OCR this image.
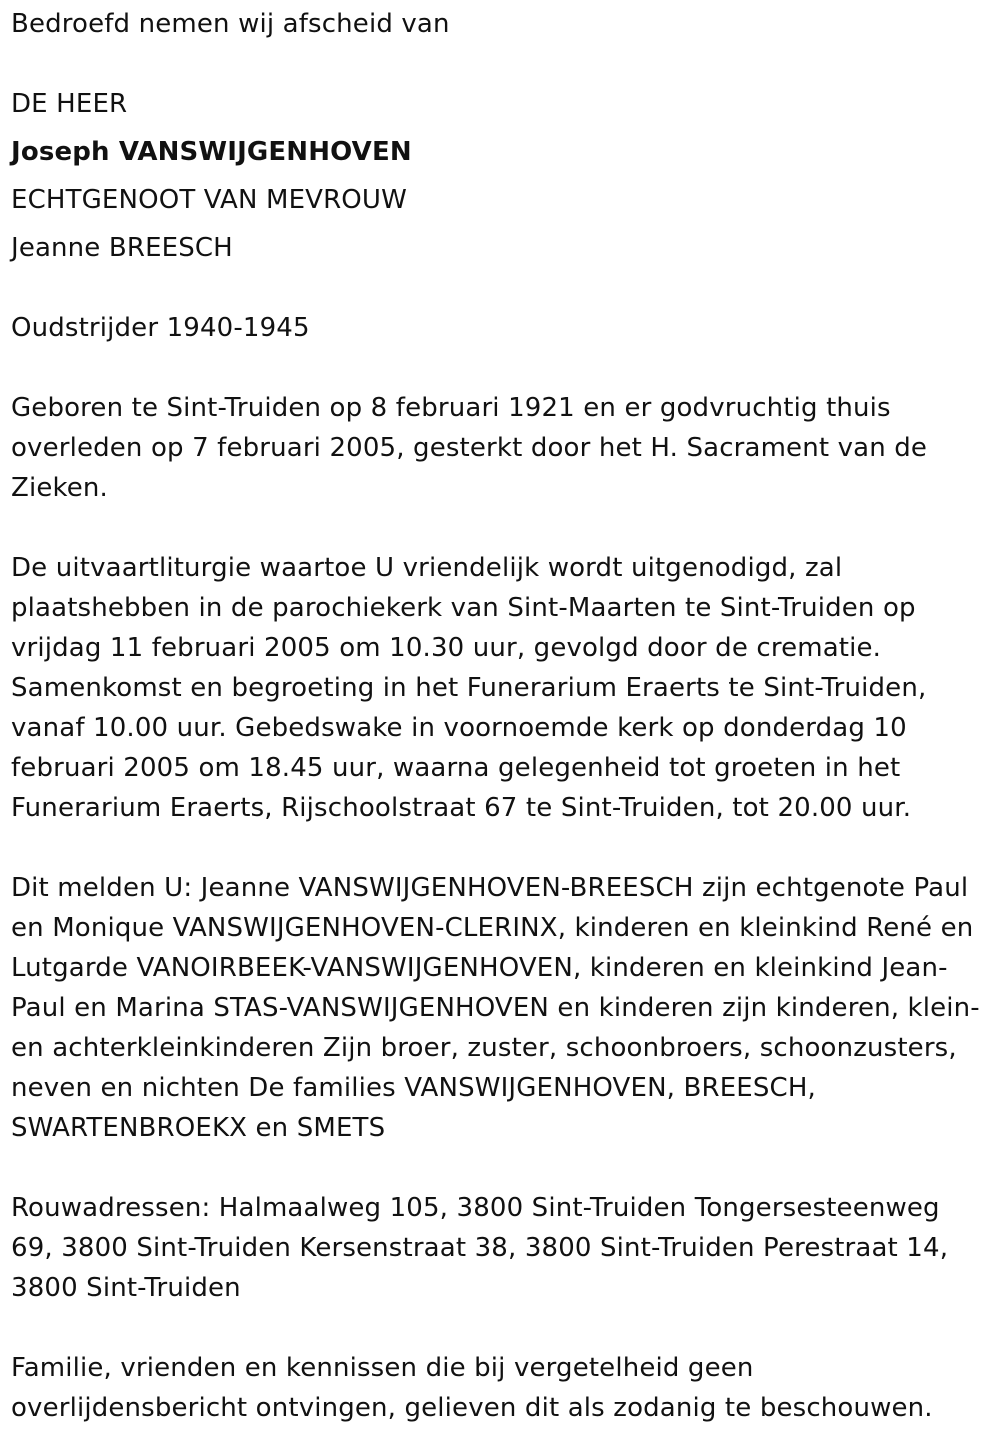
Bedroefd nemen wij afscheid van
DE HEER
Joseph VANSWIJGENHOVEN
ECHTGENOOT VAN MEVROUW
Jeanne BREESCH
Oudstrijder 1940-1945

Geboren te Sint-Truiden op 8 februari 1921 en er godvruchtig thuis overleden op 7 februari 2005, gesterkt door het H. Sacrament van de Zieken.

De uitvaartliturgie waartoe U vriendelijk wordt uitgenodigd, zal plaatshebben in de parochiekerk van Sint-Maarten te Sint-Truiden op vrijdag 11 februari 2005 om 10.30 uur, gevolgd door de crematie. Samenkomst en begroeting in het Funerarium Eraerts te Sint-Truiden, vanaf 10.00 uur. Gebedswake in voornoemde kerk op donderdag 10 februari 2005 om 18.45 uur, waarna gelegenheid tot groeten in het Funerarium Eraerts, Rijschoolstraat 67 te Sint-Truiden, tot 20.00 uur.

Dit melden U: Jeanne VANSWIJGENHOVEN-BREESCH zijn echtgenote Paul en Monique VANSWIJGENHOVEN-CLERINX, kinderen en kleinkind René en Lutgarde VANOIRBEEK-VANSWIJGENHOVEN, kinderen en kleinkind Jean-Paul en Marina STAS-VANSWIJGENHOVEN en kinderen zijn kinderen, klein- en achterkleinkinderen Zijn broer, zuster, schoonbroers, schoonzusters, neven en nichten De families VANSWIJGENHOVEN, BREESCH, SWARTENBROEKX en SMETS

Rouwadressen: Halmaalweg 105, 3800 Sint-Truiden Tongersesteenweg 69, 3800 Sint-Truiden Kersenstraat 38, 3800 Sint-Truiden Perestraat 14, 3800 Sint-Truiden

Familie, vrienden en kennissen die bij vergetelheid geen overlijdensbericht ontvingen, gelieven dit als zodanig te beschouwen.
